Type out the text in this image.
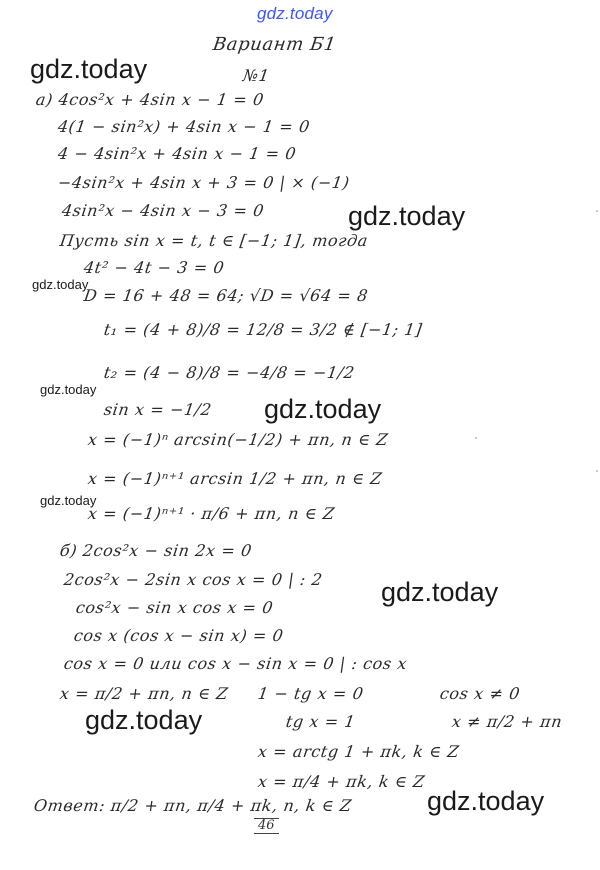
gdz.today
gdz.today
gdz.today
gdz.today
gdz.today
gdz.today
gdz.today
gdz.today
gdz.today
gdz.today
Вариант Б1
№1
а) 4cos²x + 4sin x − 1 = 0
4(1 − sin²x) + 4sin x − 1 = 0
4 − 4sin²x + 4sin x − 1 = 0
−4sin²x + 4sin x + 3 = 0 | × (−1)
4sin²x − 4sin x − 3 = 0
Пусть sin x = t, t ∈ [−1; 1], тогда
4t² − 4t − 3 = 0
D = 16 + 48 = 64; √D = √64 = 8
t₁ = (4 + 8)/8 = 12/8 = 3/2 ∉ [−1; 1]
t₂ = (4 − 8)/8 = −4/8 = −1/2
sin x = −1/2
x = (−1)ⁿ arcsin(−1/2) + πn, n ∈ Z
x = (−1)ⁿ⁺¹ arcsin 1/2 + πn, n ∈ Z
x = (−1)ⁿ⁺¹ · π/6 + πn, n ∈ Z
б) 2cos²x − sin 2x = 0
2cos²x − 2sin x cos x = 0 | : 2
cos²x − sin x cos x = 0
cos x (cos x − sin x) = 0
cos x = 0 или cos x − sin x = 0 | : cos x
x = π/2 + πn, n ∈ Z 1 − tg x = 0	cos x ≠ 0
tg x = 1	x ≠ π/2 + πn
x = arctg 1 + πk, k ∈ Z
x = π/4 + πk, k ∈ Z
Ответ: π/2 + πn, π/4 + πk, n, k ∈ Z
46
